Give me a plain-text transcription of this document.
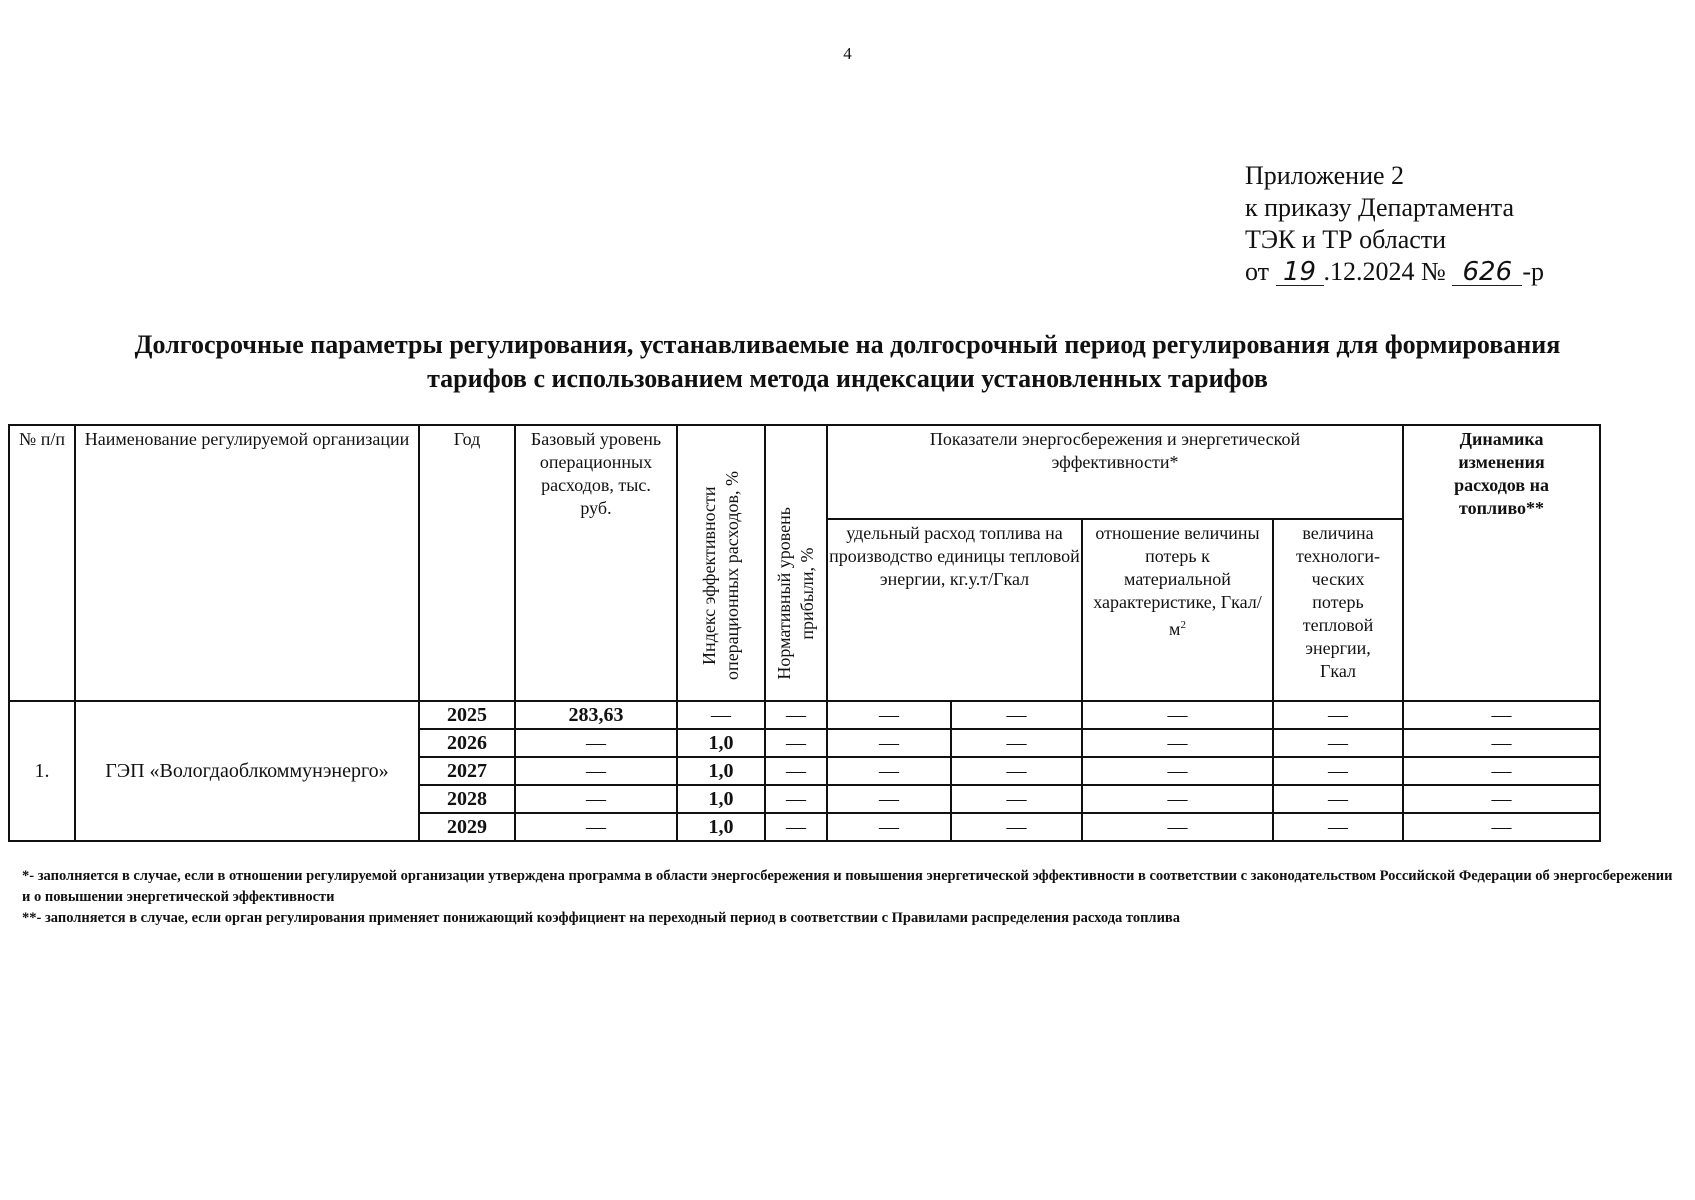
4
Приложение 2
к приказу Департамента
ТЭК и ТР области
от 19 .12.2024 № 626 -р
Долгосрочные параметры регулирования, устанавливаемые на долгосрочный период регулирования для формирования
тарифов с использованием метода индексации установленных тарифов
№ п/п	Наименование регулируемой организации	Год	Базовый уровень операционных расходов, тыс. руб.	Индекс эффективности операционных расходов, %	Нормативный уровень прибыли, %	Показатели энергосбережения и энергетической эффективности*				Динамика изменения расходов на топливо**
						удельный расход топлива на производство единицы тепловой энергии, кг.у.т/Гкал		отношение величины потерь к материальной характеристике, Гкал/$м^2$	величина технологи-ческих потерь тепловой энергии, Гкал	
1.	ГЭП «Вологдаоблкоммунэнерго»	2025	283,63	—	—	—	—	—	—	—
		2026	—	1,0	—	—	—	—	—	—
		2027	—	1,0	—	—	—	—	—	—
		2028	—	1,0	—	—	—	—	—	—
		2029	—	1,0	—	—	—	—	—	—

*- заполняется в случае, если в отношении регулируемой организации утверждена программа в области энергосбережения и повышения энергетической эффективности в соответствии с законодательством Российской Федерации об энергосбережении и о повышении энергетической эффективности

**- заполняется в случае, если орган регулирования применяет понижающий коэффициент на переходный период в соответствии с Правилами распределения расхода топлива
